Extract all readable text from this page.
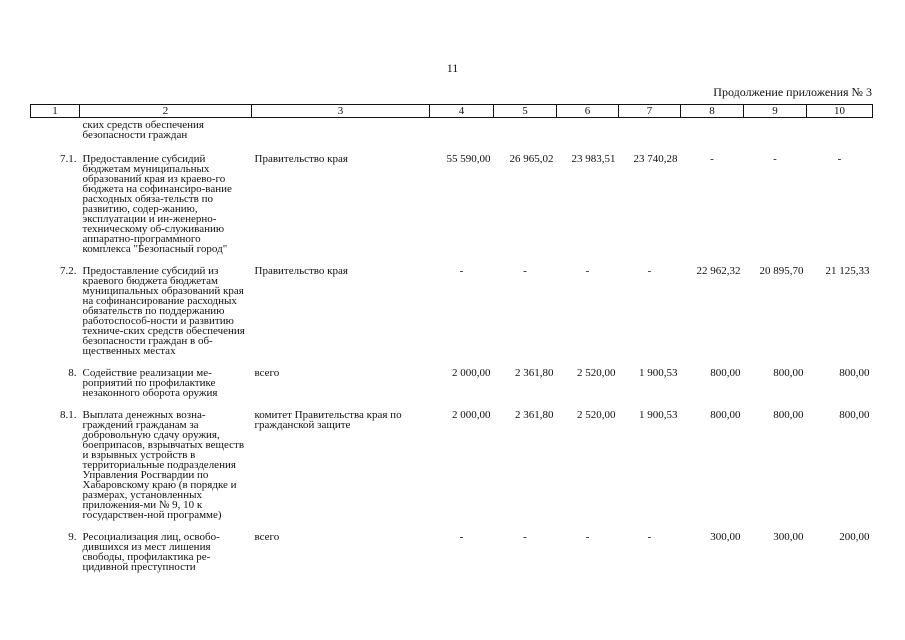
11
Продолжение приложения № 3
1	2	3	4	5	6	7	8	9	10
	ских средств обеспечения безопасности граждан								
7.1.	Предоставление субсидий бюджетам муниципальных образований края из краево-го бюджета на софинансиро-вание расходных обяза-тельств по развитию, содер-жанию, эксплуатации и ин-женерно-техническому об-служиванию аппаратно-программного комплекса "Безопасный город"	Правительство края	55 590,00	26 965,02	23 983,51	23 740,28	-	-	-
7.2.	Предоставление субсидий из краевого бюджета бюджетам муниципальных образований края на софинансирование расходных обязательств по поддержанию работоспособ-ности и развитию техниче-ских средств обеспечения безопасности граждан в об-щественных местах	Правительство края	-	-	-	-	22 962,32	20 895,70	21 125,33
8.	Содействие реализации ме-роприятий по профилактике незаконного оборота оружия	всего	2 000,00	2 361,80	2 520,00	1 900,53	800,00	800,00	800,00
8.1.	Выплата денежных возна-граждений гражданам за добровольную сдачу оружия, боеприпасов, взрывчатых веществ и взрывных устройств в территориальные подразделения Управления Росгвардии по Хабаровскому краю (в порядке и размерах, установленных приложения-ми № 9, 10 к государствен-ной программе)	комитет Правительства края по гражданской защите	2 000,00	2 361,80	2 520,00	1 900,53	800,00	800,00	800,00
9.	Ресоциализация лиц, освобо-дившихся из мест лишения свободы, профилактика ре-цидивной преступности	всего	-	-	-	-	300,00	300,00	200,00
